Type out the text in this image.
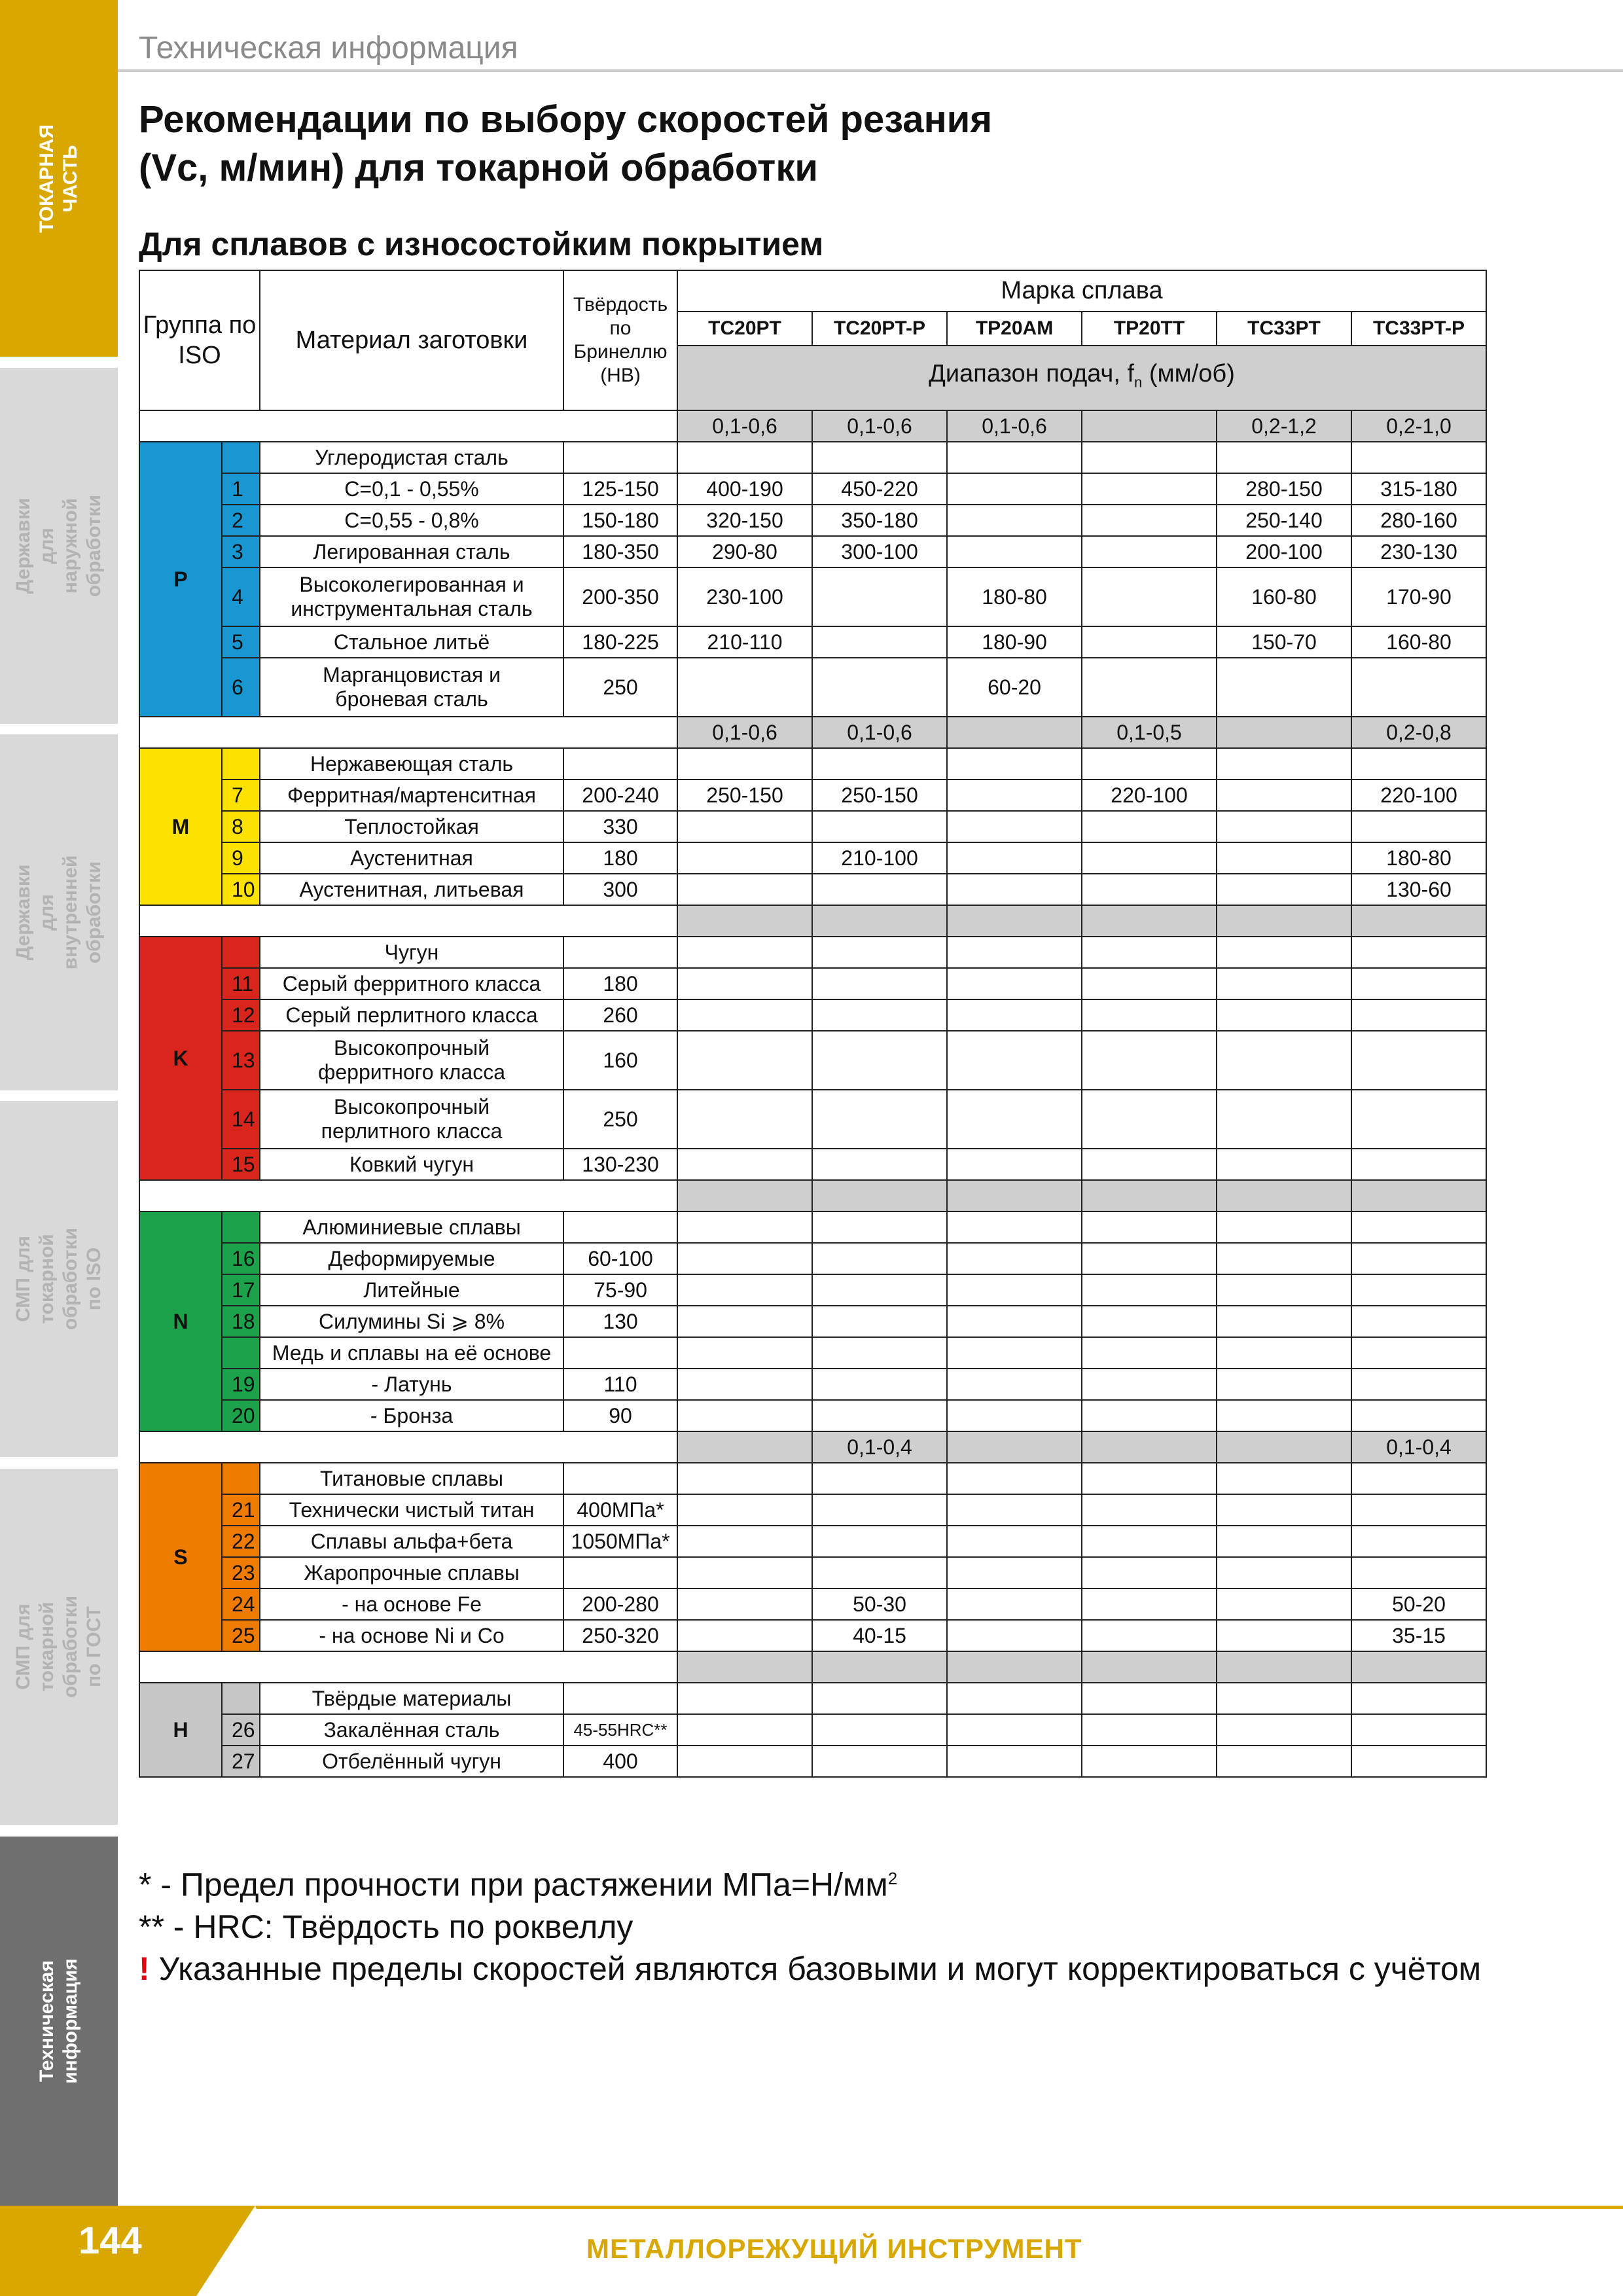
ТОКАРНАЯ
ЧАСТЬ
Державки для
наружной обработки
Державки для
внутренней обработки
СМП для токарной
обработки по ISO
СМП для токарной
обработки по ГОСТ
Техническая
информация
Техническая информация
Рекомендации по выбору скоростей резания
(Vc, м/мин) для токарной обработки
Для сплавов с износостойким покрытием
Группа по ISO		Материал заготовки	Твёрдость по Бринеллю (НВ)	Марка сплава					
				TC20PT	TC20PT-P	TP20AM	TP20TT	TC33PT	TC33PT-P
				Диапазон подач, $f_n$ (мм/об)					
				0,1-0,6	0,1-0,6	0,1-0,6		0,2-1,2	0,2-1,0
P		Углеродистая сталь							
	1	С=0,1 - 0,55%	125-150	400-190	450-220			280-150	315-180
	2	С=0,55 - 0,8%	150-180	320-150	350-180			250-140	280-160
	3	Легированная сталь	180-350	290-80	300-100			200-100	230-130
	4	Высоколегированная и инструментальная сталь	200-350	230-100		180-80		160-80	170-90
	5	Стальное литьё	180-225	210-110		180-90		150-70	160-80
	6	Марганцовистая и броневая сталь	250			60-20			
				0,1-0,6	0,1-0,6		0,1-0,5		0,2-0,8
M		Нержавеющая сталь							
	7	Ферритная/мартенситная	200-240	250-150	250-150		220-100		220-100
	8	Теплостойкая	330						
	9	Аустенитная	180		210-100				180-80
	10	Аустенитная, литьевая	300						130-60

K		Чугун							
	11	Серый ферритного класса	180						
	12	Серый перлитного класса	260						
	13	Высокопрочный ферритного класса	160						
	14	Высокопрочный перлитного класса	250						
	15	Ковкий чугун	130-230						

N		Алюминиевые сплавы							
	16	Деформируемые	60-100						
	17	Литейные	75-90						
	18	Силумины Si ⩾ 8%	130						
		Медь и сплавы на её основе							
	19	- Латунь	110						
	20	- Бронза	90						
					0,1-0,4				0,1-0,4
S		Титановые сплавы							
	21	Технически чистый титан	400МПа*						
	22	Сплавы альфа+бета	1050МПа*						
	23	Жаропрочные сплавы							
	24	- на основе Fe	200-280		50-30				50-20
	25	- на основе Ni и Co	250-320		40-15				35-15

H		Твёрдые материалы							
	26	Закалённая сталь	45-55HRC**						
	27	Отбелённый чугун	400						
* - Предел прочности при растяжении $МПа=Н/мм^2$
** - HRC: Твёрдость по роквеллу
! Указанные пределы скоростей являются базовыми и могут корректироваться с учётом
144	МЕТАЛЛОРЕЖУЩИЙ ИНСТРУМЕНТ
